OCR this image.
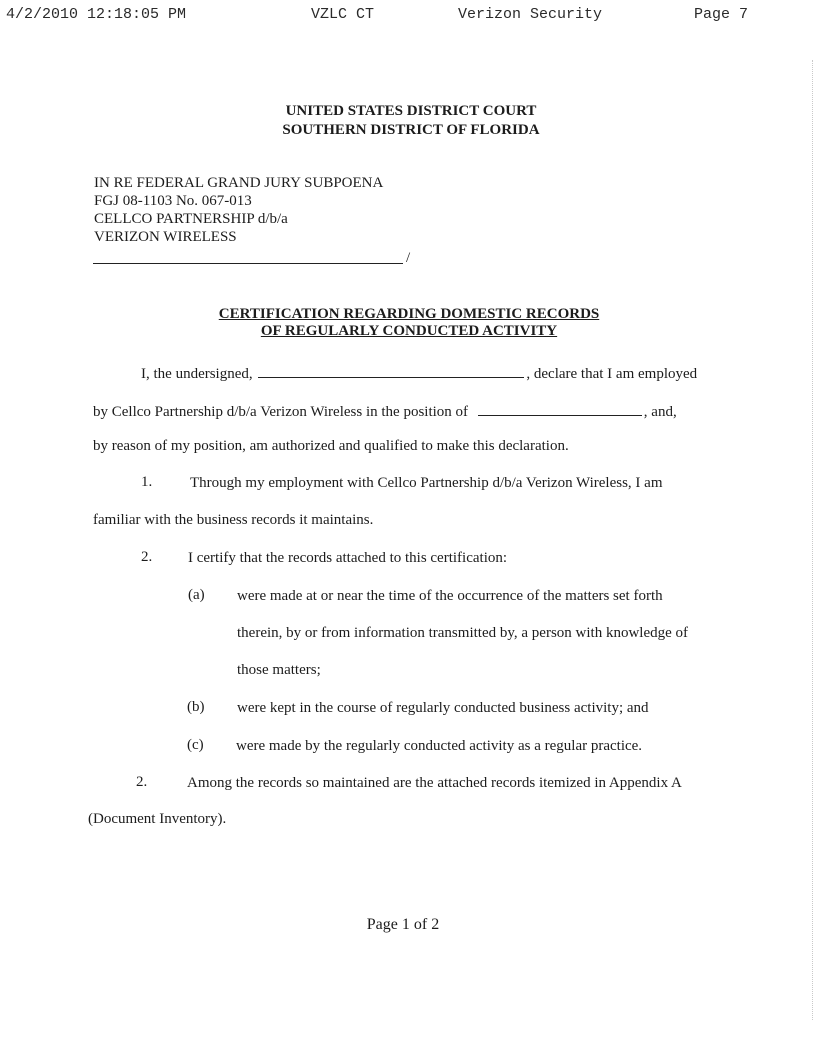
4/2/2010 12:18:05 PM	VZLC CT	Verizon Security	Page 7
UNITED STATES DISTRICT COURT
SOUTHERN DISTRICT OF FLORIDA
IN RE FEDERAL GRAND JURY SUBPOENA
FGJ 08-1103 No. 067-013
CELLCO PARTNERSHIP d/b/a
VERIZON WIRELESS
/
CERTIFICATION REGARDING DOMESTIC RECORDS
OF REGULARLY CONDUCTED ACTIVITY
I, the undersigned,	, declare that I am employed
by Cellco Partnership d/b/a Verizon Wireless in the position of	, and,
by reason of my position, am authorized and qualified to make this declaration.
1.	Through my employment with Cellco Partnership d/b/a Verizon Wireless, I am
familiar with the business records it maintains.
2. I certify that the records attached to this certification:
(a) were made at or near the time of the occurrence of the matters set forth
therein, by or from information transmitted by, a person with knowledge of
those matters;
(b) were kept in the course of regularly conducted business activity; and
(c) were made by the regularly conducted activity as a regular practice.
2.	Among the records so maintained are the attached records itemized in Appendix A
(Document Inventory).
Page 1 of 2
